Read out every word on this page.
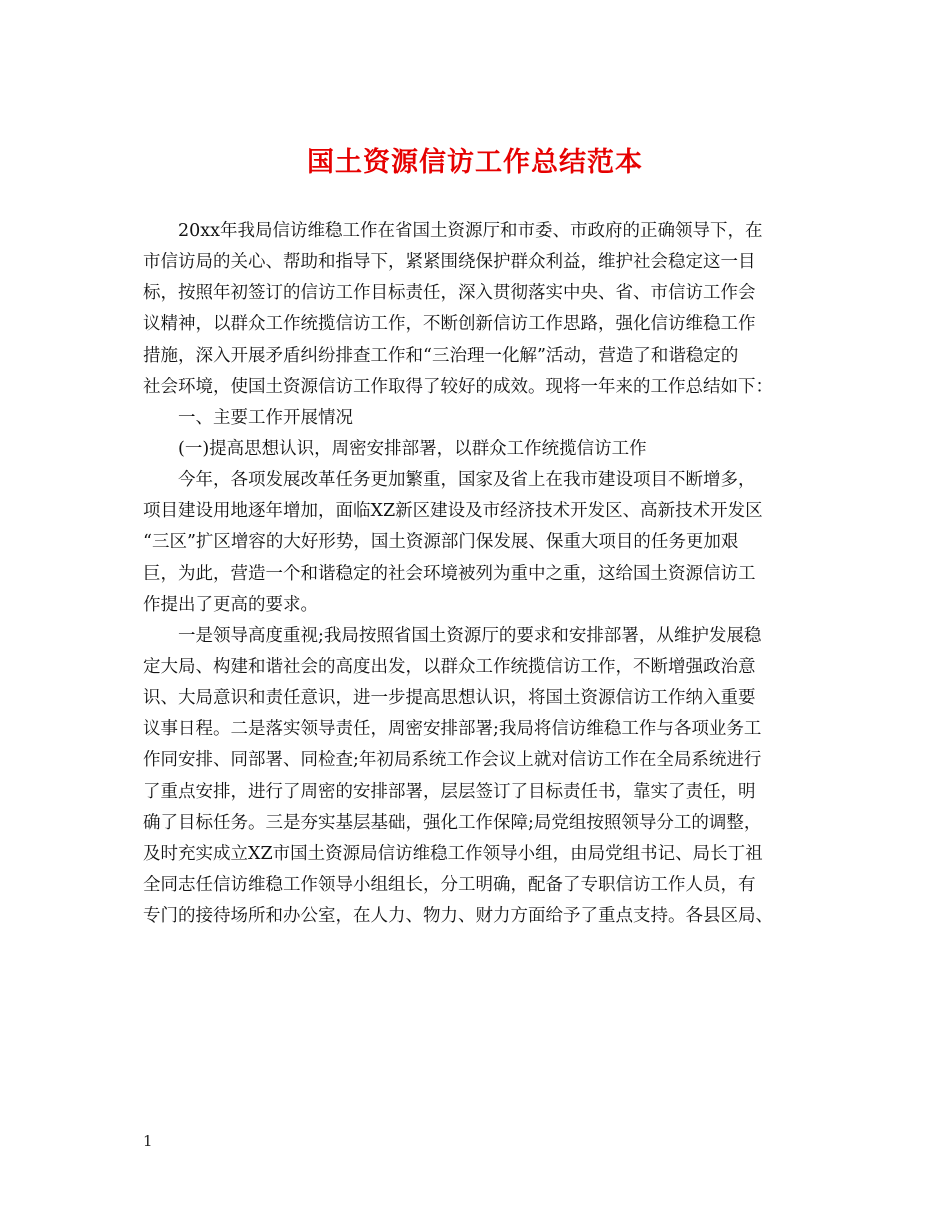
国土资源信访工作总结范本
20xx年我局信访维稳工作在省国土资源厅和市委、市政府的正确领导下，在
市信访局的关心、帮助和指导下，紧紧围绕保护群众利益，维护社会稳定这一目
标，按照年初签订的信访工作目标责任，深入贯彻落实中央、省、市信访工作会
议精神，以群众工作统揽信访工作，不断创新信访工作思路，强化信访维稳工作
措施，深入开展矛盾纠纷排查工作和“三治理一化解”活动，营造了和谐稳定的
社会环境，使国土资源信访工作取得了较好的成效。现将一年来的工作总结如下：
一、主要工作开展情况
(一)提高思想认识，周密安排部署，以群众工作统揽信访工作
今年，各项发展改革任务更加繁重，国家及省上在我市建设项目不断增多，
项目建设用地逐年增加，面临XZ新区建设及市经济技术开发区、高新技术开发区
“三区”扩区增容的大好形势，国土资源部门保发展、保重大项目的任务更加艰
巨，为此，营造一个和谐稳定的社会环境被列为重中之重，这给国土资源信访工
作提出了更高的要求。
一是领导高度重视;我局按照省国土资源厅的要求和安排部署，从维护发展稳
定大局、构建和谐社会的高度出发，以群众工作统揽信访工作，不断增强政治意
识、大局意识和责任意识，进一步提高思想认识，将国土资源信访工作纳入重要
议事日程。二是落实领导责任，周密安排部署;我局将信访维稳工作与各项业务工
作同安排、同部署、同检查;年初局系统工作会议上就对信访工作在全局系统进行
了重点安排，进行了周密的安排部署，层层签订了目标责任书，靠实了责任，明
确了目标任务。三是夯实基层基础，强化工作保障;局党组按照领导分工的调整，
及时充实成立XZ市国土资源局信访维稳工作领导小组，由局党组书记、局长丁祖
全同志任信访维稳工作领导小组组长，分工明确，配备了专职信访工作人员，有
专门的接待场所和办公室，在人力、物力、财力方面给予了重点支持。各县区局、
1
